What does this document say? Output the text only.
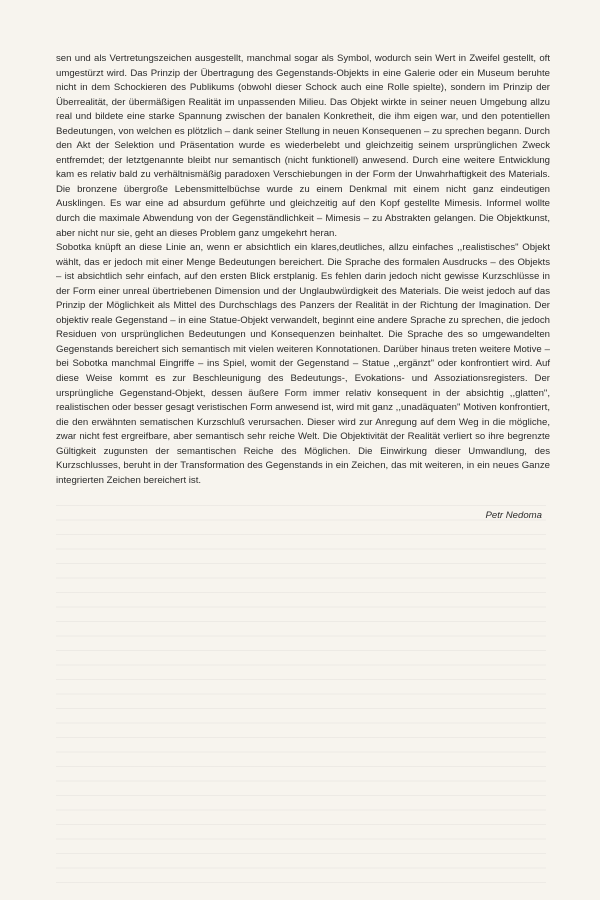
sen und als Vertretungszeichen ausgestellt, manchmal sogar als Symbol, wodurch sein Wert in Zweifel gestellt, oft umgestürzt wird. Das Prinzip der Übertragung des Gegenstands-Objekts in eine Galerie oder ein Museum beruhte nicht in dem Schockieren des Publikums (obwohl dieser Schock auch eine Rolle spielte), sondern im Prinzip der Überrealität, der übermäßigen Realität im unpassenden Milieu. Das Objekt wirkte in seiner neuen Umgebung allzu real und bildete eine starke Spannung zwischen der banalen Konkretheit, die ihm eigen war, und den potentiellen Bedeutungen, von welchen es plötzlich – dank seiner Stellung in neuen Konsequenen – zu sprechen begann. Durch den Akt der Selektion und Präsentation wurde es wiederbelebt und gleichzeitig seinem ursprünglichen Zweck entfremdet; der letztgenannte bleibt nur semantisch (nicht funktionell) anwesend. Durch eine weitere Entwicklung kam es relativ bald zu verhältnismäßig paradoxen Verschiebungen in der Form der Unwahrhaftigkeit des Materials. Die bronzene übergroße Lebensmittelbüchse wurde zu einem Denkmal mit einem nicht ganz eindeutigen Ausklingen. Es war eine ad absurdum geführte und gleichzeitig auf den Kopf gestellte Mimesis. Informel wollte durch die maximale Abwendung von der Gegenständlichkeit – Mimesis – zu Abstrakten gelangen. Die Objektkunst, aber nicht nur sie, geht an dieses Problem ganz umgekehrt heran.

Sobotka knüpft an diese Linie an, wenn er absichtlich ein klares,deutliches, allzu einfaches ,,realistisches" Objekt wählt, das er jedoch mit einer Menge Bedeutungen bereichert. Die Sprache des formalen Ausdrucks – des Objekts – ist absichtlich sehr einfach, auf den ersten Blick erstplanig. Es fehlen darin jedoch nicht gewisse Kurzschlüsse in der Form einer unreal übertriebenen Dimension und der Unglaubwürdigkeit des Materials. Die weist jedoch auf das Prinzip der Möglichkeit als Mittel des Durchschlags des Panzers der Realität in der Richtung der Imagination. Der objektiv reale Gegenstand – in eine Statue-Objekt verwandelt, beginnt eine andere Sprache zu sprechen, die jedoch Residuen von ursprünglichen Bedeutungen und Konsequenzen beinhaltet. Die Sprache des so umgewandelten Gegenstands bereichert sich semantisch mit vielen weiteren Konnotationen. Darüber hinaus treten weitere Motive – bei Sobotka manchmal Eingriffe – ins Spiel, womit der Gegenstand – Statue ,,ergänzt" oder konfrontiert wird. Auf diese Weise kommt es zur Beschleunigung des Bedeutungs-, Evokations- und Assoziationsregisters. Der ursprüngliche Gegenstand-Objekt, dessen äußere Form immer relativ konsequent in der absichtig ,,glatten", realistischen oder besser gesagt veristischen Form anwesend ist, wird mit ganz ,,unadäquaten" Motiven konfrontiert, die den erwähnten sematischen Kurzschluß verursachen. Dieser wird zur Anregung auf dem Weg in die mögliche, zwar nicht fest ergreifbare, aber semantisch sehr reiche Welt. Die Objektivität der Realität verliert so ihre begrenzte Gültigkeit zugunsten der semantischen Reiche des Möglichen. Die Einwirkung dieser Umwandlung, des Kurzschlusses, beruht in der Transformation des Gegenstands in ein Zeichen, das mit weiteren, in ein neues Ganze integrierten Zeichen bereichert ist.

Petr Nedoma
